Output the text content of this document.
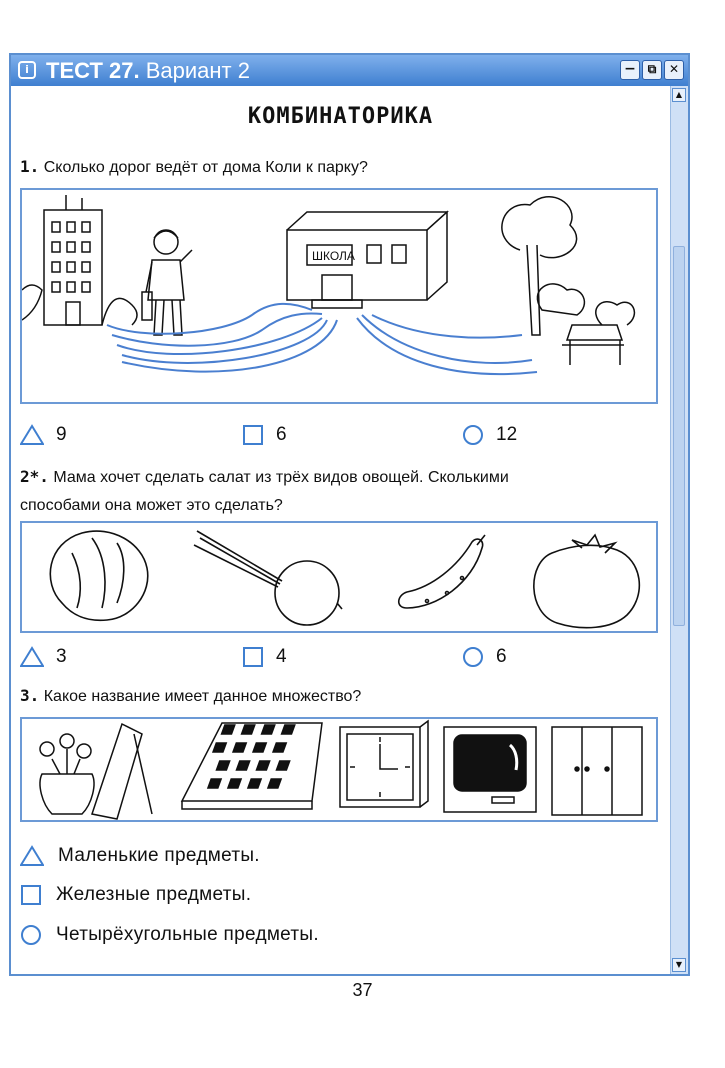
i ТЕСТ 27. Вариант 2	− ⧉	✕
▲
▼
КОМБИНАТОРИКА
1. Сколько дорог ведёт от дома Коли к парку?
ШКОЛА
9	6	12
2*. Мама хочет сделать салат из трёх видов овощей. Сколькими
способами она может это сделать?
3	4	6
3. Какое название имеет данное множество?
Маленькие предметы.
Железные предметы.
Четырёхугольные предметы.
37
